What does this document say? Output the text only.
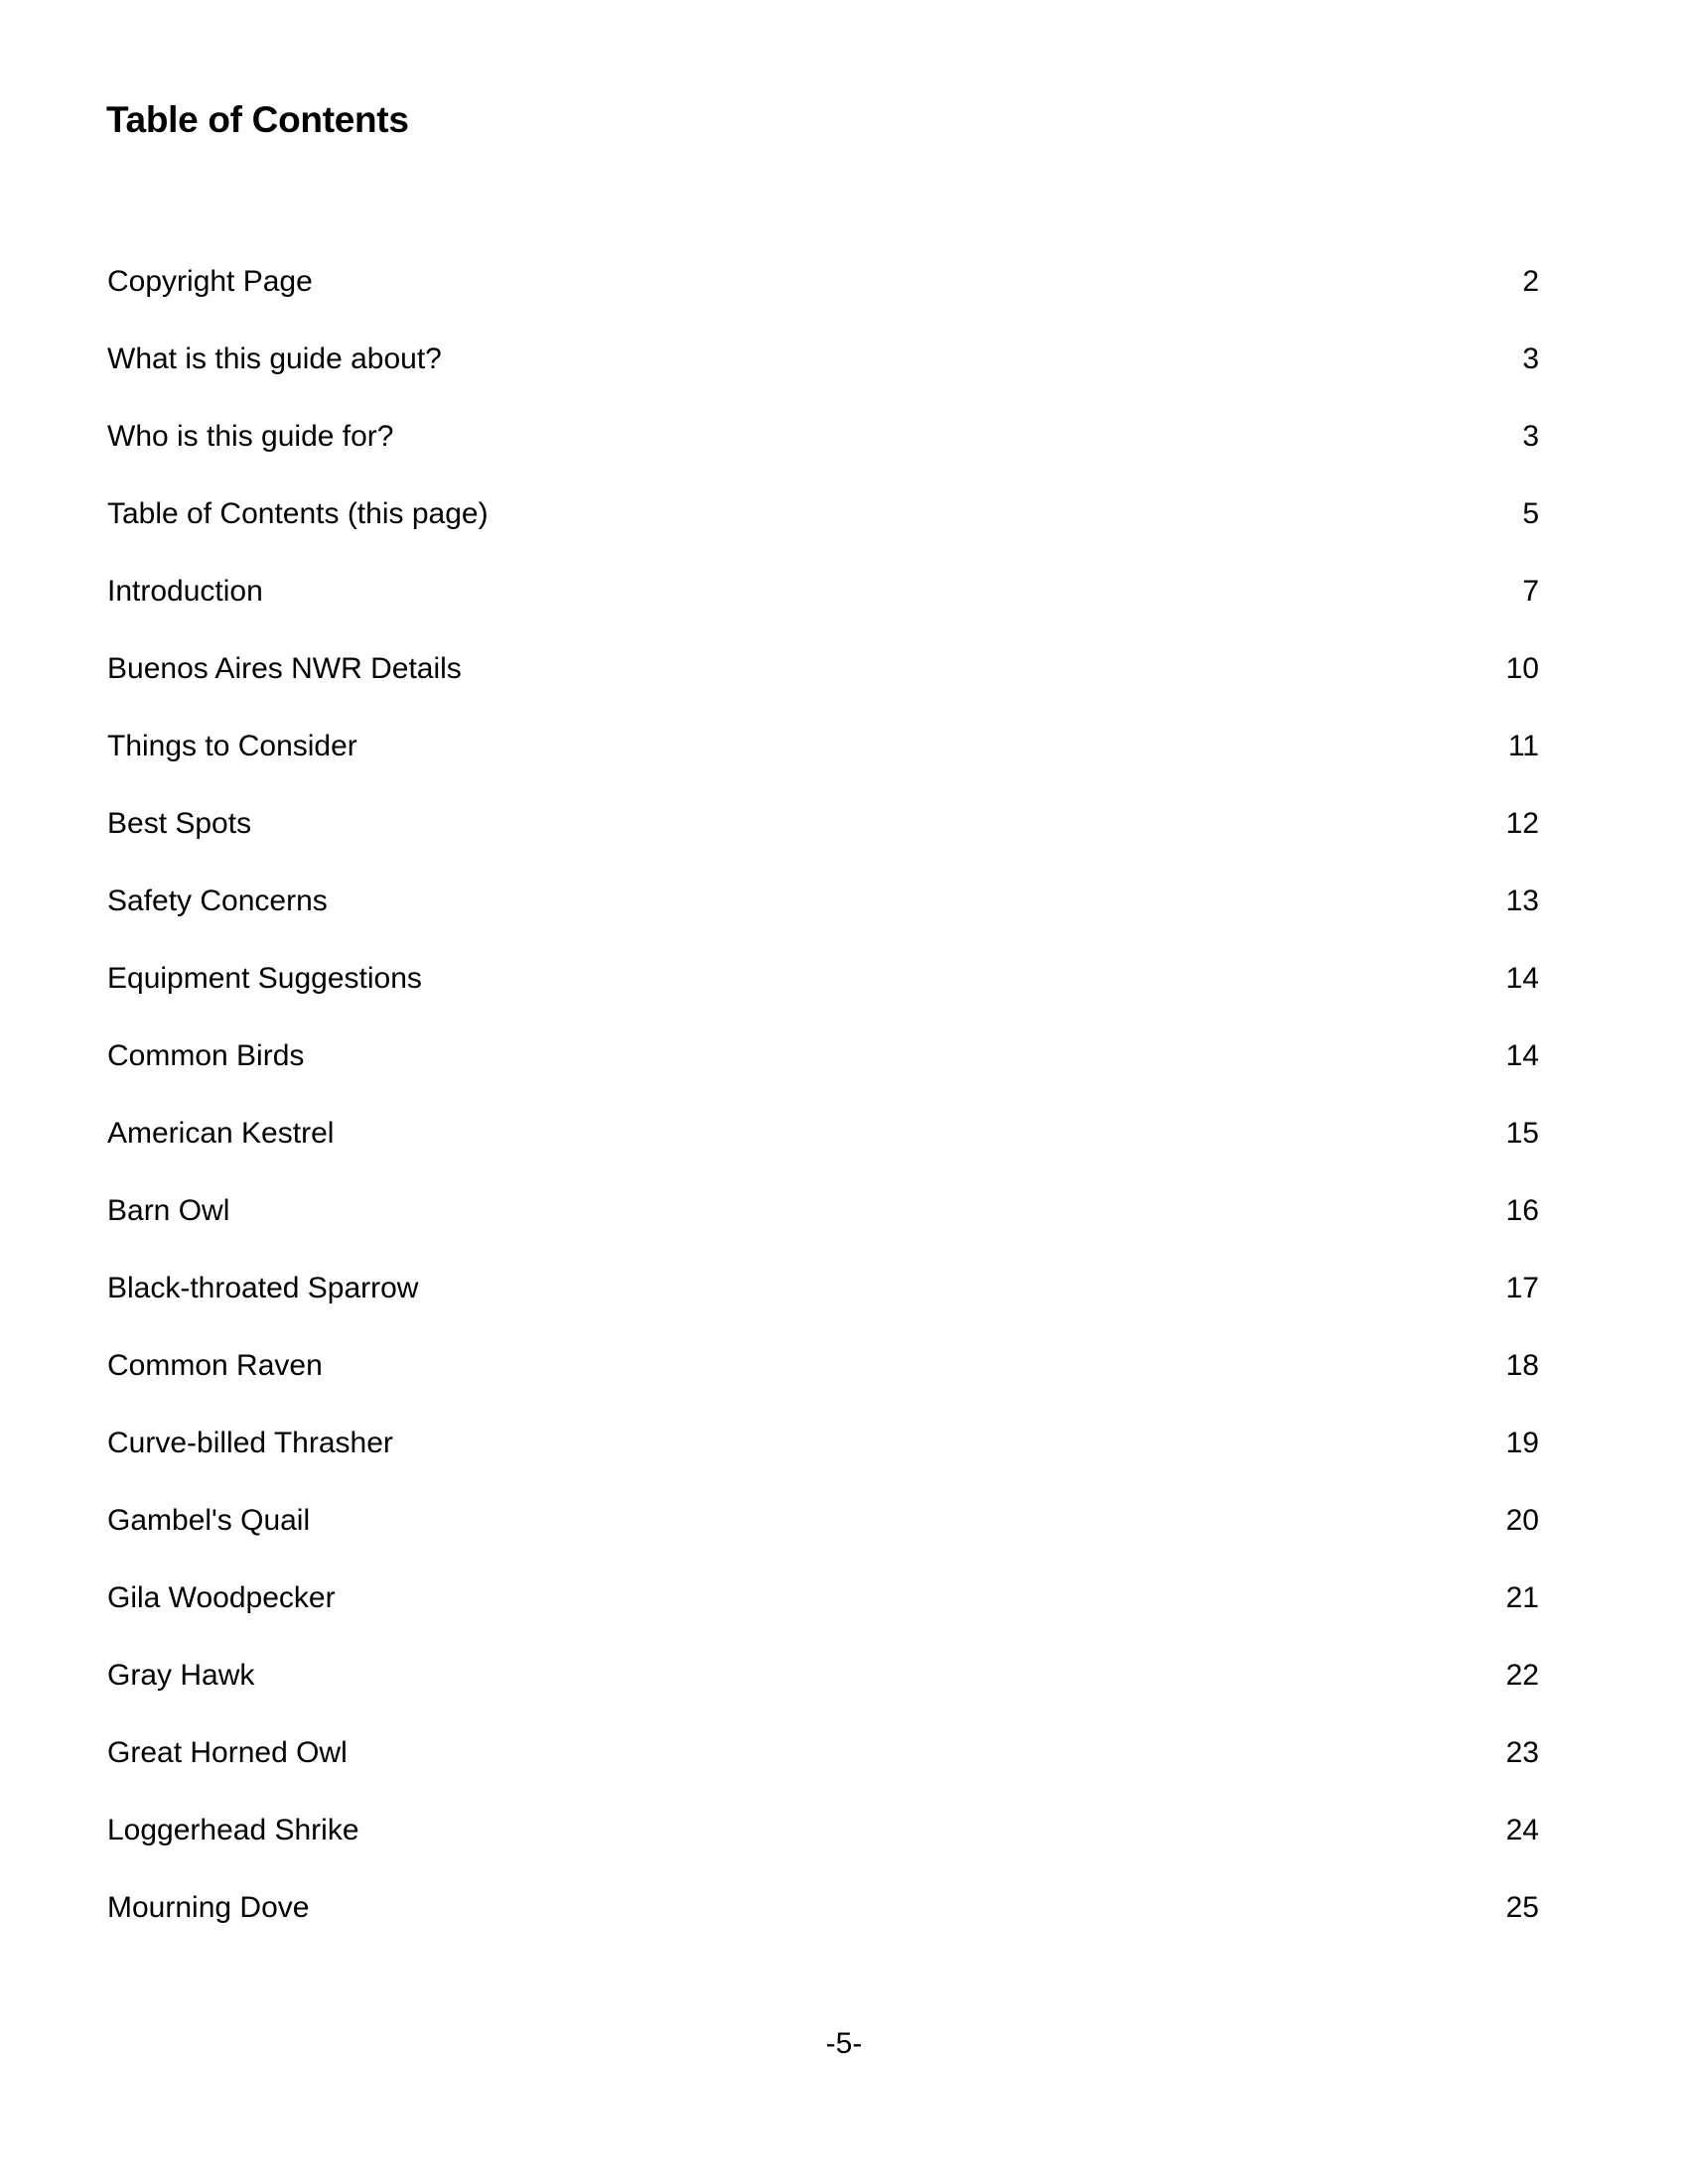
Table of Contents
Copyright Page	2
What is this guide about?	3
Who is this guide for?	3
Table of Contents (this page)	5
Introduction	7
Buenos Aires NWR Details	10
Things to Consider	11
Best Spots	12
Safety Concerns	13
Equipment Suggestions	14
Common Birds	14
American Kestrel	15
Barn Owl	16
Black-throated Sparrow	17
Common Raven	18
Curve-billed Thrasher	19
Gambel's Quail	20
Gila Woodpecker	21
Gray Hawk	22
Great Horned Owl	23
Loggerhead Shrike	24
Mourning Dove	25
-5-
